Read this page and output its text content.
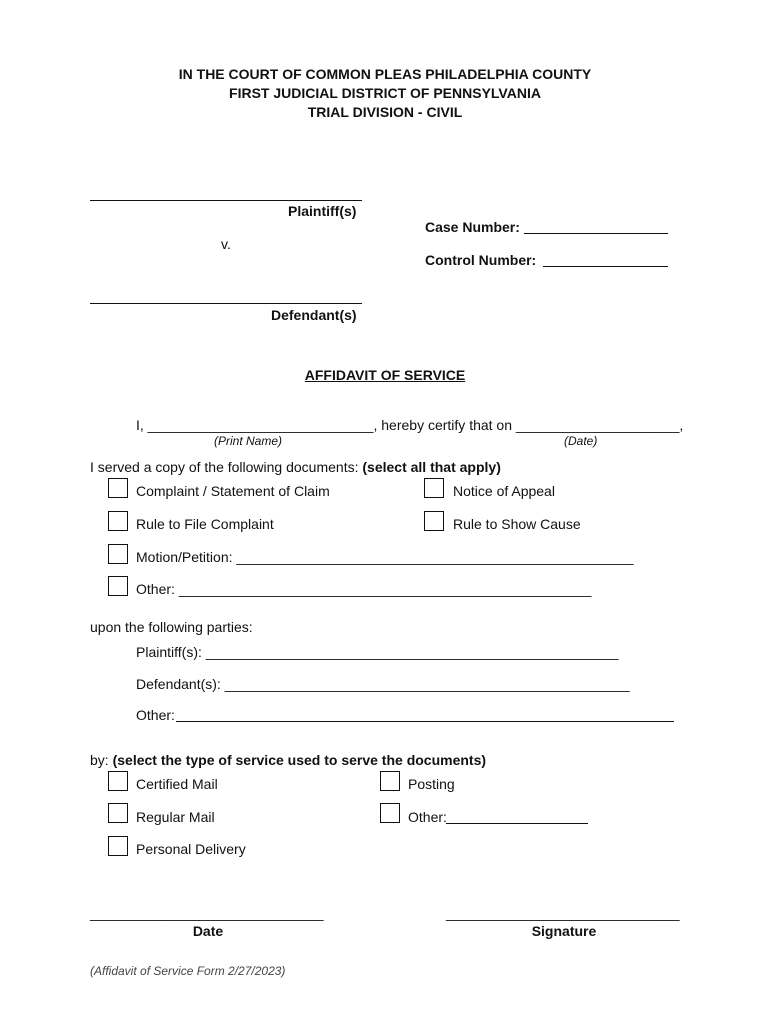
IN THE COURT OF COMMON PLEAS PHILADELPHIA COUNTY
FIRST JUDICIAL DISTRICT OF PENNSYLVANIA
TRIAL DIVISION - CIVIL
Plaintiff(s)
v.
Defendant(s)
Case Number:
Control Number:
AFFIDAVIT OF SERVICE
I, _____________________________, hereby certify that on _____________________,
(Print Name)	(Date)
I served a copy of the following documents: (select all that apply)
Complaint / Statement of Claim	Notice of Appeal
Rule to File Complaint	Rule to Show Cause
Motion/Petition: ___________________________________________________
Other: _____________________________________________________
upon the following parties:
Plaintiff(s): _____________________________________________________
Defendant(s): ____________________________________________________
Other:
by: (select the type of service used to serve the documents)
Certified Mail	Posting
Regular Mail	Other:
Personal Delivery
______________________________	______________________________
Date	Signature
(Affidavit of Service Form 2/27/2023)
